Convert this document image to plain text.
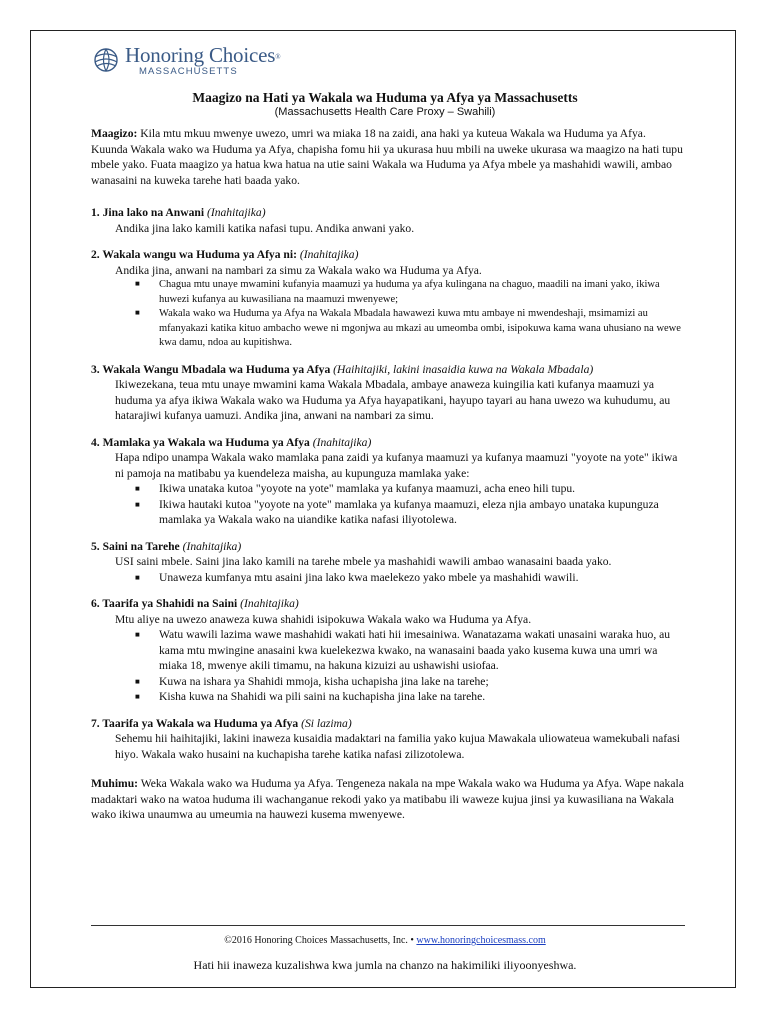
Honoring Choices®
MASSACHUSETTS
Maagizo na Hati ya Wakala wa Huduma ya Afya ya Massachusetts
(Massachusetts Health Care Proxy – Swahili)

Maagizo: Kila mtu mkuu mwenye uwezo, umri wa miaka 18 na zaidi, ana haki ya kuteua Wakala wa Huduma ya Afya. Kuunda Wakala wako wa Huduma ya Afya, chapisha fomu hii ya ukurasa huu mbili na uweke ukurasa wa maagizo na hati tupu mbele yako. Fuata maagizo ya hatua kwa hatua na utie saini Wakala wa Huduma ya Afya mbele ya mashahidi wawili, ambao wanasaini na kuweka tarehe hati baada yako.

1. Jina lako na Anwani (Inahitajika)

Andika jina lako kamili katika nafasi tupu. Andika anwani yako.

2. Wakala wangu wa Huduma ya Afya ni: (Inahitajika)

Andika jina, anwani na nambari za simu za Wakala wako wa Huduma ya Afya.

■ Chagua mtu unaye mwamini kufanyia maamuzi ya huduma ya afya kulingana na chaguo, maadili na imani yako, ikiwa huwezi kufanya au kuwasiliana na maamuzi mwenyewe;
■ Wakala wako wa Huduma ya Afya na Wakala Mbadala hawawezi kuwa mtu ambaye ni mwendeshaji, msimamizi au mfanyakazi katika kituo ambacho wewe ni mgonjwa au mkazi au umeomba ombi, isipokuwa kama wana uhusiano na wewe kwa damu, ndoa au kupitishwa.
3. Wakala Wangu Mbadala wa Huduma ya Afya (Haihitajiki, lakini inasaidia kuwa na Wakala Mbadala)

Ikiwezekana, teua mtu unaye mwamini kama Wakala Mbadala, ambaye anaweza kuingilia kati kufanya maamuzi ya huduma ya afya ikiwa Wakala wako wa Huduma ya Afya hayapatikani, hayupo tayari au hana uwezo wa kuhudumu, au hatarajiwi kufanya uamuzi. Andika jina, anwani na nambari za simu.

4. Mamlaka ya Wakala wa Huduma ya Afya (Inahitajika)

Hapa ndipo unampa Wakala wako mamlaka pana zaidi ya kufanya maamuzi ya kufanya maamuzi "yoyote na yote" ikiwa ni pamoja na matibabu ya kuendeleza maisha, au kupunguza mamlaka yake:

■ Ikiwa unataka kutoa "yoyote na yote" mamlaka ya kufanya maamuzi, acha eneo hili tupu.
■ Ikiwa hautaki kutoa "yoyote na yote" mamlaka ya kufanya maamuzi, eleza njia ambayo unataka kupunguza mamlaka ya Wakala wako na uiandike katika nafasi iliyotolewa.
5. Saini na Tarehe (Inahitajika)

USI saini mbele. Saini jina lako kamili na tarehe mbele ya mashahidi wawili ambao wanasaini baada yako.

■ Unaweza kumfanya mtu asaini jina lako kwa maelekezo yako mbele ya mashahidi wawili.
6. Taarifa ya Shahidi na Saini (Inahitajika)

Mtu aliye na uwezo anaweza kuwa shahidi isipokuwa Wakala wako wa Huduma ya Afya.

■ Watu wawili lazima wawe mashahidi wakati hati hii imesainiwa. Wanatazama wakati unasaini waraka huo, au kama mtu mwingine anasaini kwa kuelekezwa kwako, na wanasaini baada yako kusema kuwa una umri wa miaka 18, mwenye akili timamu, na hakuna kizuizi au ushawishi usiofaa.
■ Kuwa na ishara ya Shahidi mmoja, kisha uchapisha jina lake na tarehe;
■ Kisha kuwa na Shahidi wa pili saini na kuchapisha jina lake na tarehe.
7. Taarifa ya Wakala wa Huduma ya Afya (Si lazima)

Sehemu hii haihitajiki, lakini inaweza kusaidia madaktari na familia yako kujua Mawakala uliowateua wamekubali nafasi hiyo. Wakala wako husaini na kuchapisha tarehe katika nafasi zilizotolewa.

Muhimu: Weka Wakala wako wa Huduma ya Afya. Tengeneza nakala na mpe Wakala wako wa Huduma ya Afya. Wape nakala madaktari wako na watoa huduma ili wachanganue rekodi yako ya matibabu ili waweze kujua jinsi ya kuwasiliana na Wakala wako ikiwa unaumwa au umeumia na hauwezi kusema mwenyewe.

©2016 Honoring Choices Massachusetts, Inc. • www.honoringchoicesmass.com
Hati hii inaweza kuzalishwa kwa jumla na chanzo na hakimiliki iliyoonyeshwa.
